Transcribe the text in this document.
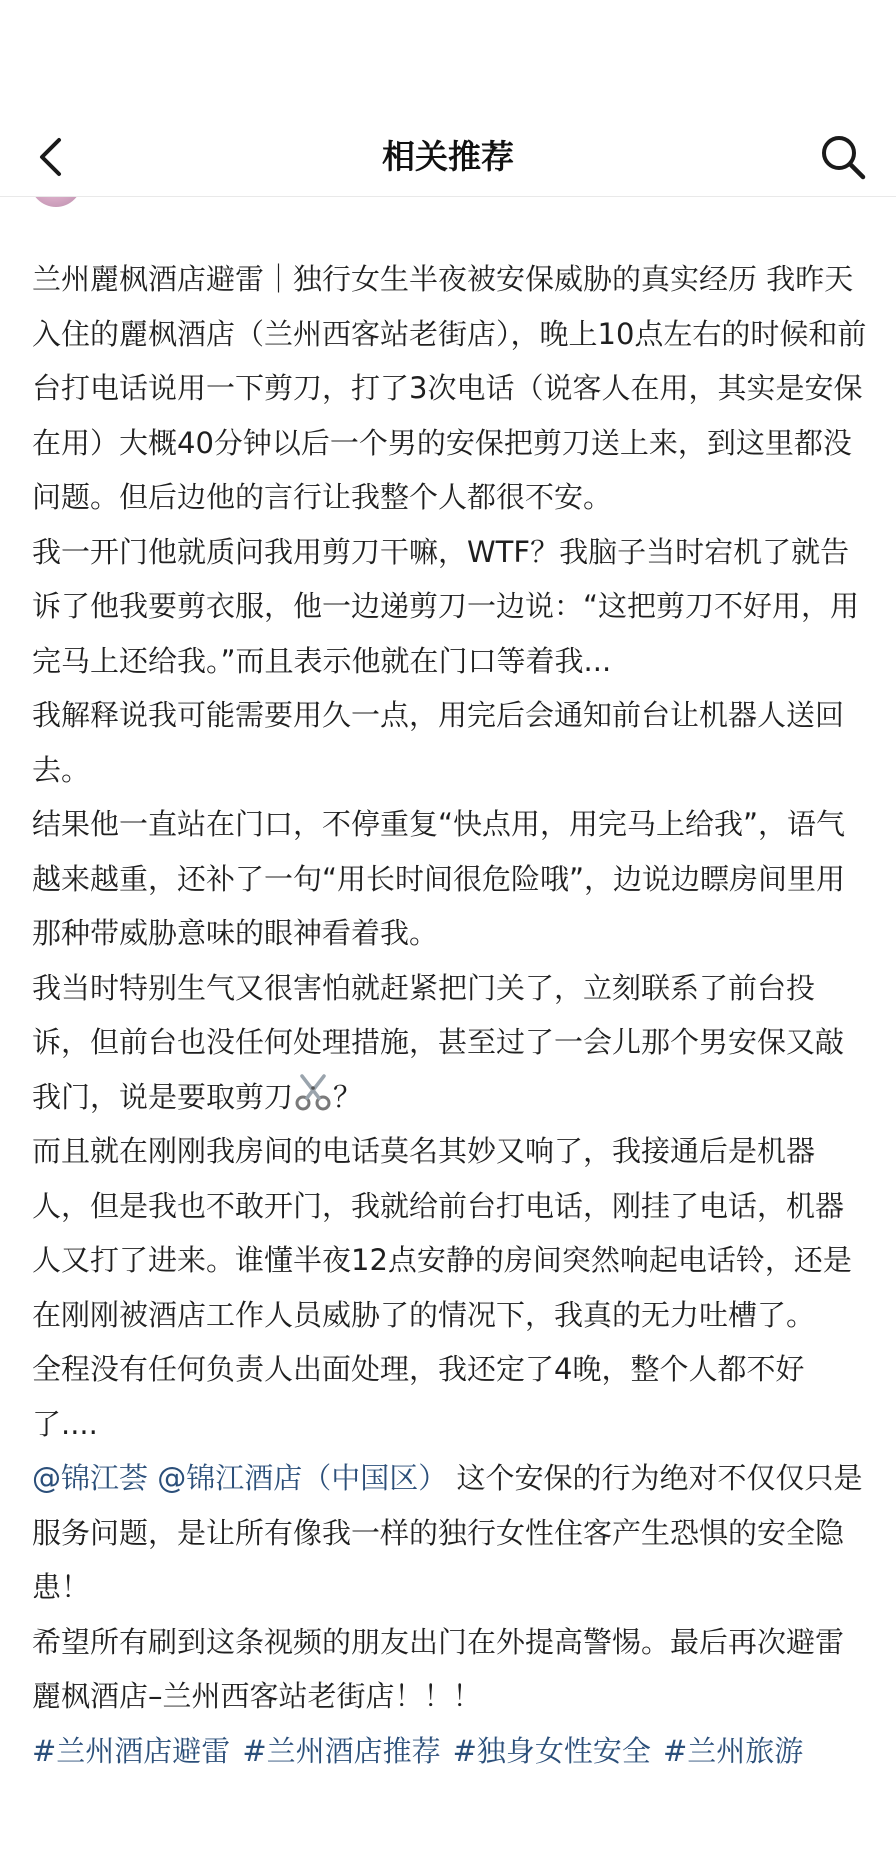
相关推荐

兰州麗枫酒店避雷｜独行女生半夜被安保威胁的真实经历 我昨天入住的麗枫酒店（兰州西客站老街店），晚上10点左右的时候和前台打电话说用一下剪刀，打了3次电话（说客人在用，其实是安保在用）大概40分钟以后一个男的安保把剪刀送上来，到这里都没问题。但后边他的言行让我整个人都很不安。

我一开门他就质问我用剪刀干嘛，WTF？我脑子当时宕机了就告诉了他我要剪衣服，他一边递剪刀一边说：“这把剪刀不好用，用完马上还给我。”而且表示他就在门口等着我...

我解释说我可能需要用久一点，用完后会通知前台让机器人送回去。

结果他一直站在门口，不停重复“快点用，用完马上给我”，语气越来越重，还补了一句“用长时间很危险哦”，边说边瞟房间里用那种带威胁意味的眼神看着我。

我当时特别生气又很害怕就赶紧把门关了，立刻联系了前台投诉，但前台也没任何处理措施，甚至过了一会儿那个男安保又敲我门，说是要取剪刀 ？

而且就在刚刚我房间的电话莫名其妙又响了，我接通后是机器人，但是我也不敢开门，我就给前台打电话，刚挂了电话，机器人又打了进来。谁懂半夜12点安静的房间突然响起电话铃，还是在刚刚被酒店工作人员威胁了的情况下，我真的无力吐槽了。

全程没有任何负责人出面处理，我还定了4晚，整个人都不好了....

@锦江荟 @锦江酒店（中国区） 这个安保的行为绝对不仅仅只是服务问题，是让所有像我一样的独行女性住客产生恐惧的安全隐患！

希望所有刷到这条视频的朋友出门在外提高警惕。最后再次避雷麗枫酒店–兰州西客站老街店！！！

#兰州酒店避雷 #兰州酒店推荐 #独身女性安全 #兰州旅游
